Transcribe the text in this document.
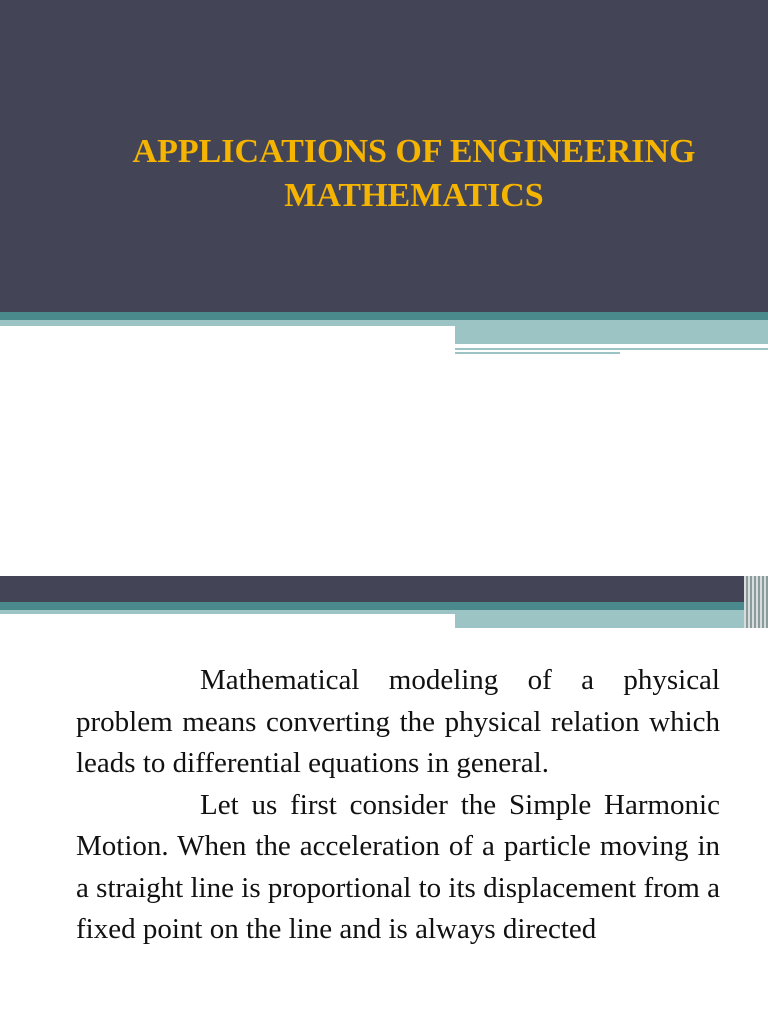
APPLICATIONS OF ENGINEERING
MATHEMATICS

Mathematical modeling of a physical problem means converting the physical relation which leads to differential equations in general.

Let us first consider the Simple Harmonic Motion. When the acceleration of a particle moving in a straight line is proportional to its displacement from a fixed point on the line and is always directed
